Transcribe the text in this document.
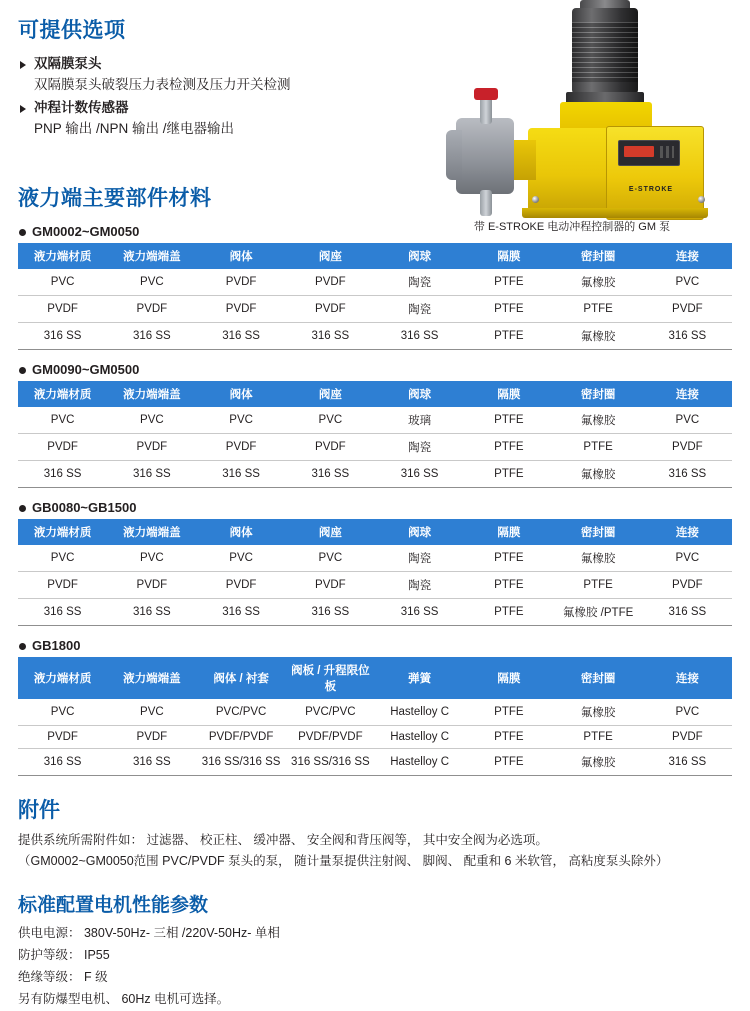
E-STROKE
带 E-STROKE 电动冲程控制器的 GM 泵
可提供选项
双隔膜泵头
双隔膜泵头破裂压力表检测及压力开关检测
冲程计数传感器
PNP 输出 /NPN 输出 /继电器输出
液力端主要部件材料
GM0002~GM0050
液力端材质	液力端端盖	阀体	阀座	阀球	隔膜	密封圈	连接
PVC	PVC	PVDF	PVDF	陶瓷	PTFE	氟橡胶	PVC
PVDF	PVDF	PVDF	PVDF	陶瓷	PTFE	PTFE	PVDF
316 SS	316 SS	316 SS	316 SS	316 SS	PTFE	氟橡胶	316 SS
GM0090~GM0500
液力端材质	液力端端盖	阀体	阀座	阀球	隔膜	密封圈	连接
PVC	PVC	PVC	PVC	玻璃	PTFE	氟橡胶	PVC
PVDF	PVDF	PVDF	PVDF	陶瓷	PTFE	PTFE	PVDF
316 SS	316 SS	316 SS	316 SS	316 SS	PTFE	氟橡胶	316 SS
GB0080~GB1500
液力端材质	液力端端盖	阀体	阀座	阀球	隔膜	密封圈	连接
PVC	PVC	PVC	PVC	陶瓷	PTFE	氟橡胶	PVC
PVDF	PVDF	PVDF	PVDF	陶瓷	PTFE	PTFE	PVDF
316 SS	316 SS	316 SS	316 SS	316 SS	PTFE	氟橡胶 /PTFE	316 SS
GB1800
液力端材质	液力端端盖	阀体 / 衬套	阀板 / 升程限位板	弹簧	隔膜	密封圈	连接
PVC	PVC	PVC/PVC	PVC/PVC	Hastelloy C	PTFE	氟橡胶	PVC
PVDF	PVDF	PVDF/PVDF	PVDF/PVDF	Hastelloy C	PTFE	PTFE	PVDF
316 SS	316 SS	316 SS/316 SS	316 SS/316 SS	Hastelloy C	PTFE	氟橡胶	316 SS
附件

提供系统所需附件如： 过滤器、 校正柱、 缓冲器、 安全阀和背压阀等， 其中安全阀为必选项。

（GM0002~GM0050范围 PVC/PVDF 泵头的泵， 随计量泵提供注射阀、 脚阀、 配重和 6 米软管， 高粘度泵头除外）

标准配置电机性能参数
供电电源： 380V-50Hz- 三相 /220V-50Hz- 单相
防护等级： IP55
绝缘等级： F 级
另有防爆型电机、 60Hz 电机可选择。
